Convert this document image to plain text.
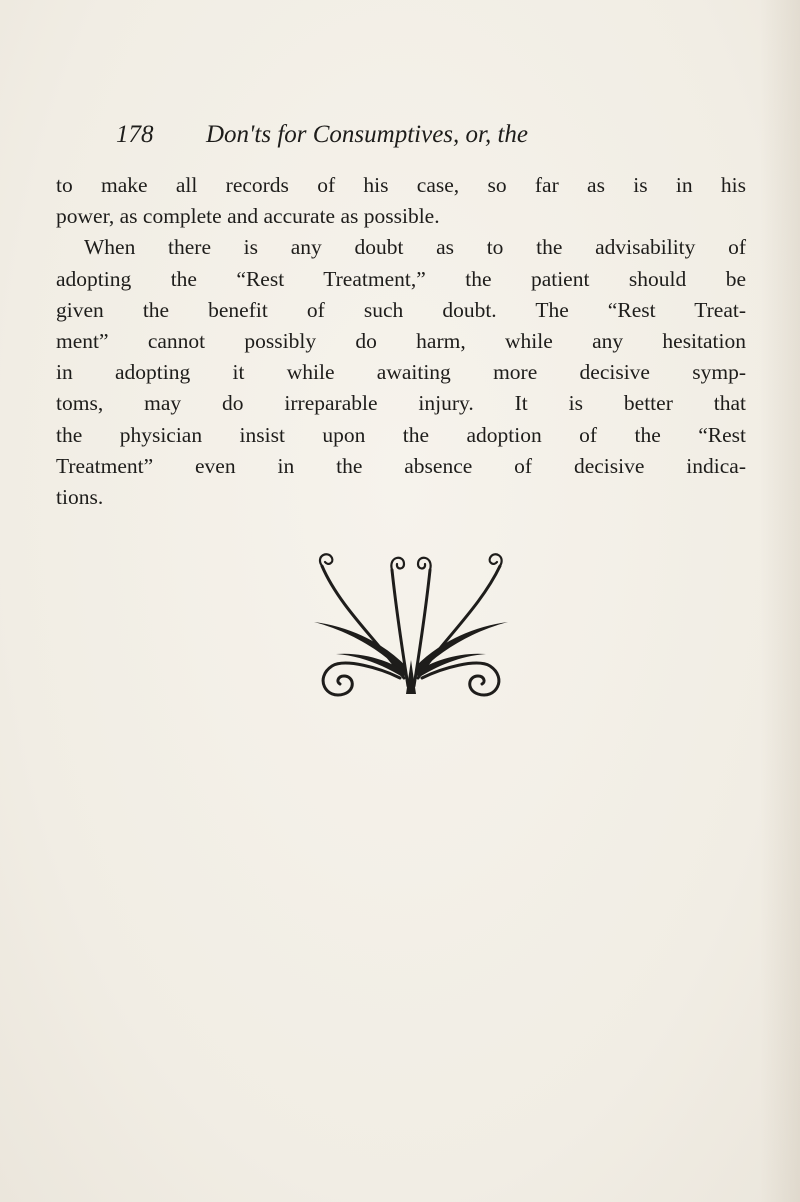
178 Don'ts for Consumptives, or, the
to make all records of his case, so far as is in his
power, as complete and accurate as possible.
When there is any doubt as to the advisability of
adopting the “Rest Treatment,” the patient should be
given the benefit of such doubt. The “Rest Treat-
ment” cannot possibly do harm, while any hesitation
in adopting it while awaiting more decisive symp-
toms, may do irreparable injury. It is better that
the physician insist upon the adoption of the “Rest
Treatment” even in the absence of decisive indica-
tions.
